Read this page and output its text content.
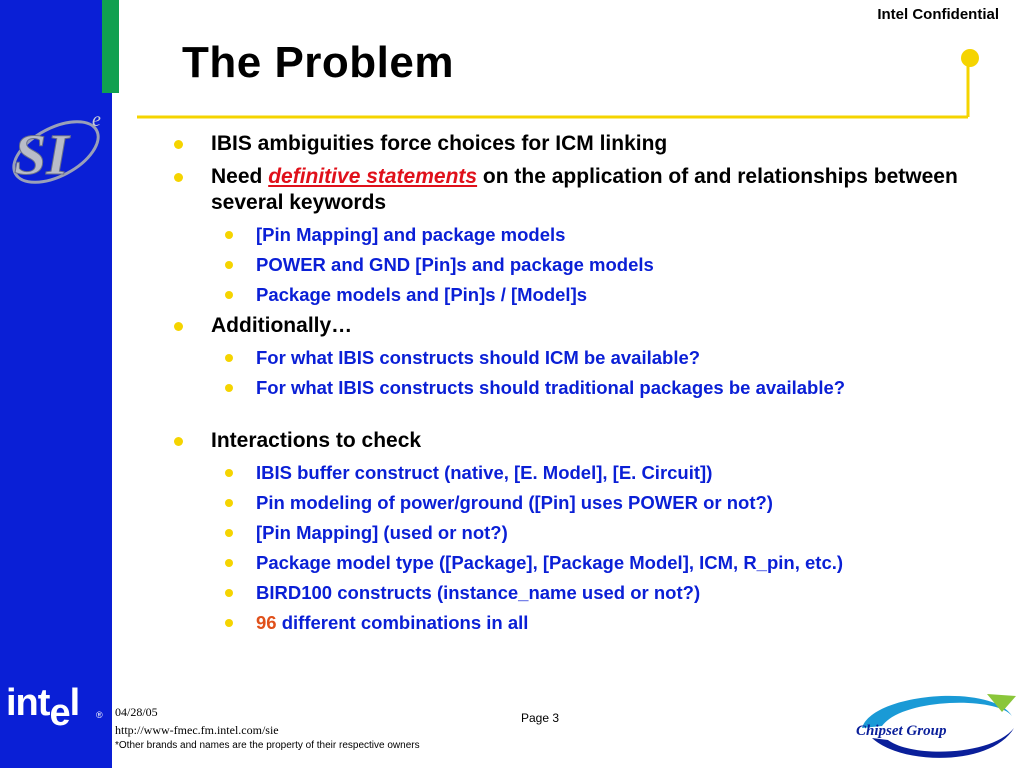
SI
e
intel ®
Intel Confidential
The Problem
IBIS ambiguities force choices for ICM linking
Need definitive statements on the application of and relationships between several keywords
[Pin Mapping] and package models
POWER and GND [Pin]s and package models
Package models and [Pin]s / [Model]s
Additionally…
For what IBIS constructs should ICM be available?
For what IBIS constructs should traditional packages be available?
Interactions to check
IBIS buffer construct (native, [E. Model], [E. Circuit])
Pin modeling of power/ground ([Pin] uses POWER or not?)
[Pin Mapping] (used or not?)
Package model type ([Package], [Package Model], ICM, R_pin, etc.)
BIRD100 constructs (instance_name used or not?)
96 different combinations in all
04/28/05
http://www-fmec.fm.intel.com/sie
*Other brands and names are the property of their respective owners
Page 3
Chipset Group
